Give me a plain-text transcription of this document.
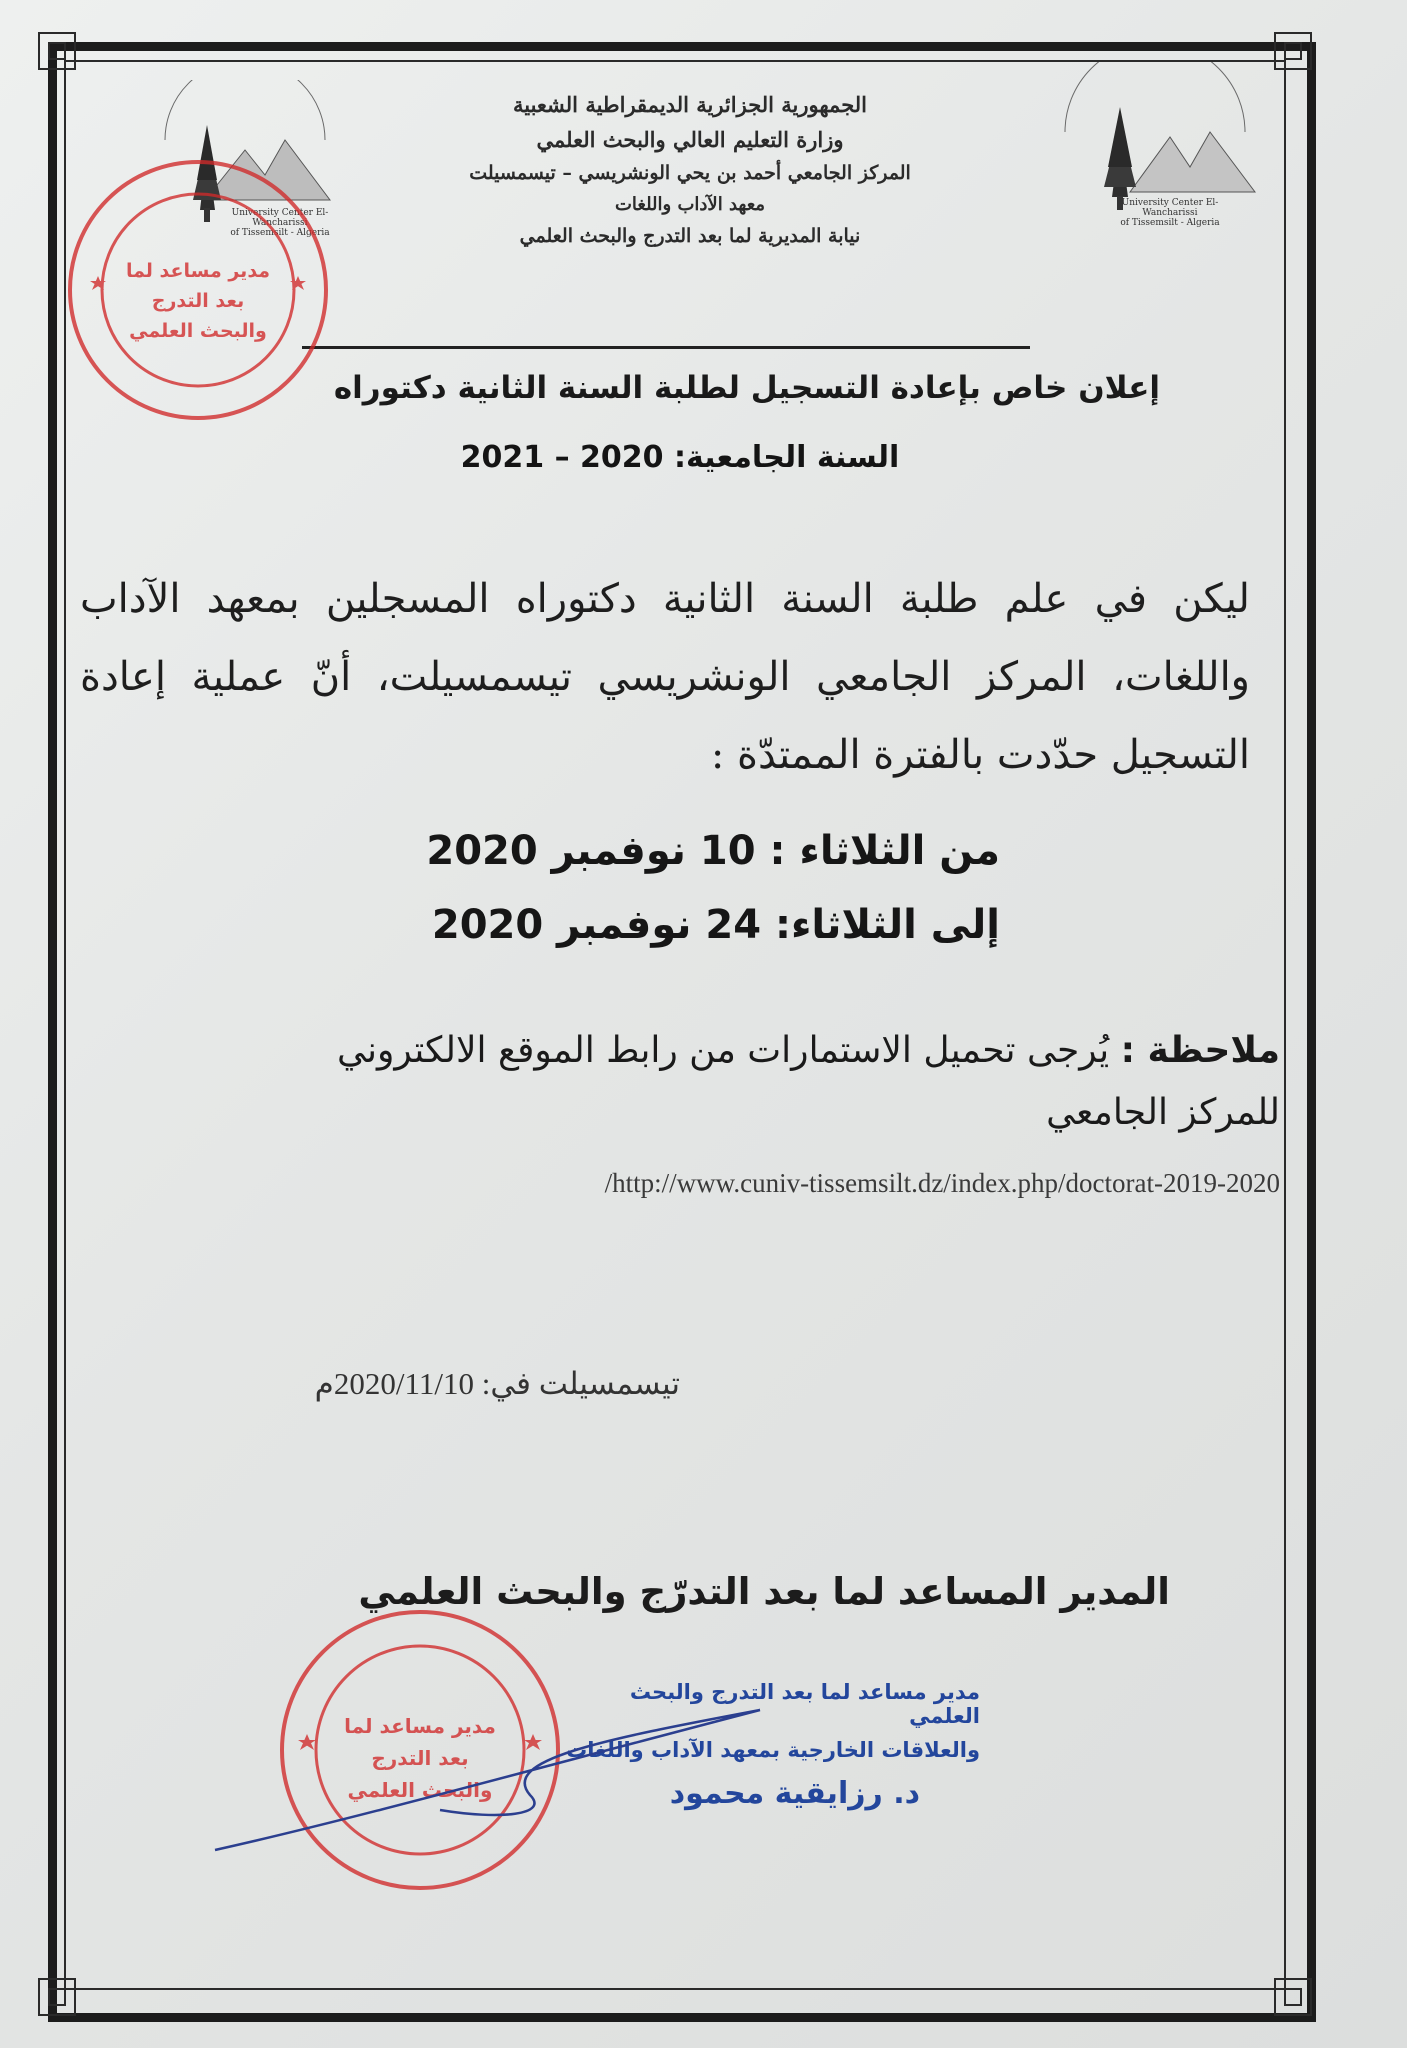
University Center El-Wancharissi
of Tissemsilt - Algeria
University Center El-Wancharissi
of Tissemsilt - Algeria
الجمهورية الجزائرية الديمقراطية الشعبية
وزارة التعليم العالي والبحث العلمي
المركز الجامعي أحمد بن يحي الونشريسي – تيسمسيلت
معهد الآداب واللغات
نيابة المديرية لما بعد التدرج والبحث العلمي
مدير مساعد لما بعد التدرج والبحث العلمي
إعلان خاص بإعادة التسجيل لطلبة السنة الثانية دكتوراه
السنة الجامعية: 2020 – 2021
ليكن في علم طلبة السنة الثانية دكتوراه المسجلين بمعهد الآداب واللغات، المركز الجامعي الونشريسي تيسمسيلت، أنّ عملية إعادة التسجيل حدّدت بالفترة الممتدّة :
من الثلاثاء : 10 نوفمبر 2020
إلى الثلاثاء: 24 نوفمبر 2020
ملاحظة : يُرجى تحميل الاستمارات من رابط الموقع الالكتروني للمركز الجامعي
/http://www.cuniv-tissemsilt.dz/index.php/doctorat-2019-2020
تيسمسيلت في: 2020/11/10م
المدير المساعد لما بعد التدرّج والبحث العلمي
مدير مساعد لما بعد التدرج والبحث العلمي
مدير مساعد لما بعد التدرج والبحث العلمي
والعلاقات الخارجية بمعهد الآداب واللغات
د. رزايقية محمود
